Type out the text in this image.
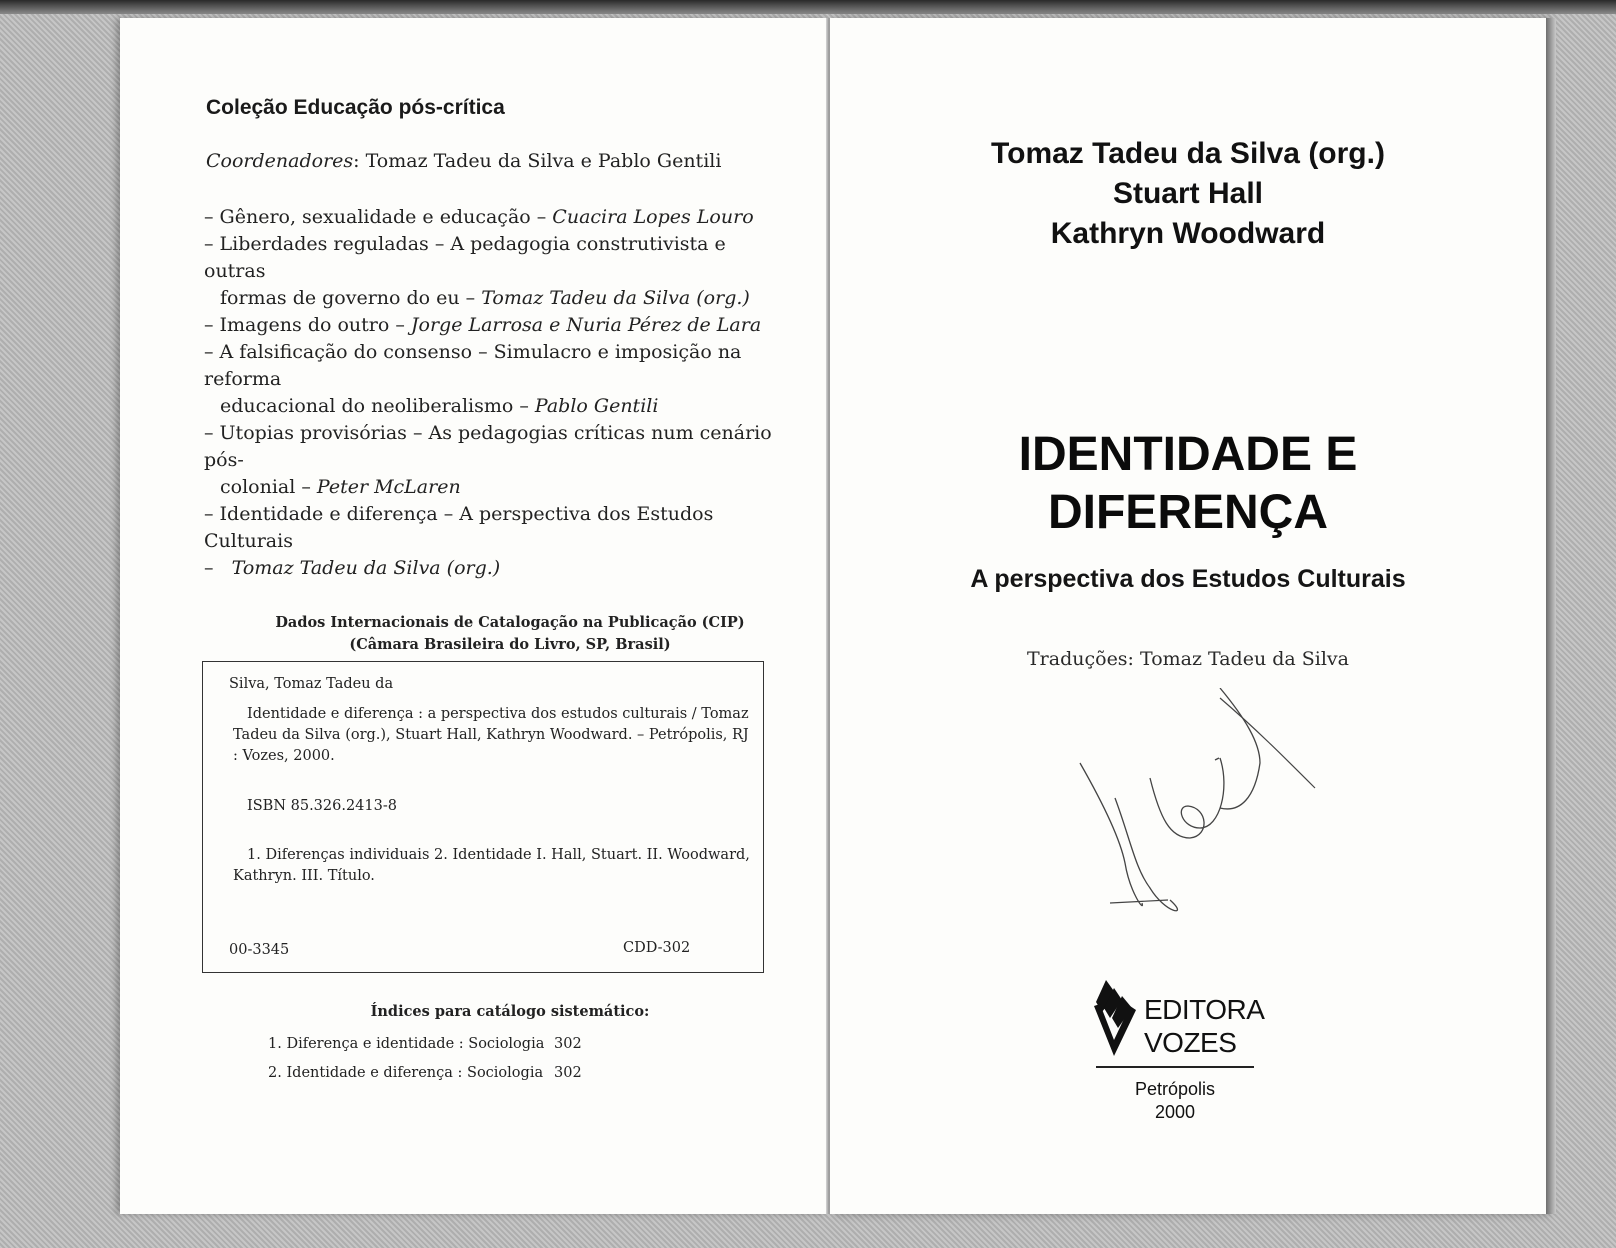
Coleção Educação pós-crítica
Coordenadores: Tomaz Tadeu da Silva e Pablo Gentili
– Gênero, sexualidade e educação – Cuacira Lopes Louro
– Liberdades reguladas – A pedagogia construtivista e outras
formas de governo do eu – Tomaz Tadeu da Silva (org.)
– Imagens do outro – Jorge Larrosa e Nuria Pérez de Lara
– A falsificação do consenso – Simulacro e imposição na reforma
educacional do neoliberalismo – Pablo Gentili
– Utopias provisórias – As pedagogias críticas num cenário pós-
colonial – Peter McLaren
– Identidade e diferença – A perspectiva dos Estudos Culturais
–   Tomaz Tadeu da Silva (org.)
Dados Internacionais de Catalogação na Publicação (CIP)
(Câmara Brasileira do Livro, SP, Brasil)
Silva, Tomaz Tadeu da
Identidade e diferença : a perspectiva dos estudos culturais / Tomaz Tadeu da Silva (org.), Stuart Hall, Kathryn Woodward. – Petrópolis, RJ : Vozes, 2000.
ISBN 85.326.2413-8
1. Diferenças individuais 2. Identidade I. Hall, Stuart. II. Woodward, Kathryn. III. Título.
00-3345	CDD-302
Índices para catálogo sistemático:
1. Diferença e identidade : Sociologia 302
2. Identidade e diferença : Sociologia 302
Tomaz Tadeu da Silva (org.)
Stuart Hall
Kathryn Woodward
IDENTIDADE E
DIFERENÇA
A perspectiva dos Estudos Culturais
Traduções: Tomaz Tadeu da Silva
EDITORA
VOZES
Petrópolis
2000
